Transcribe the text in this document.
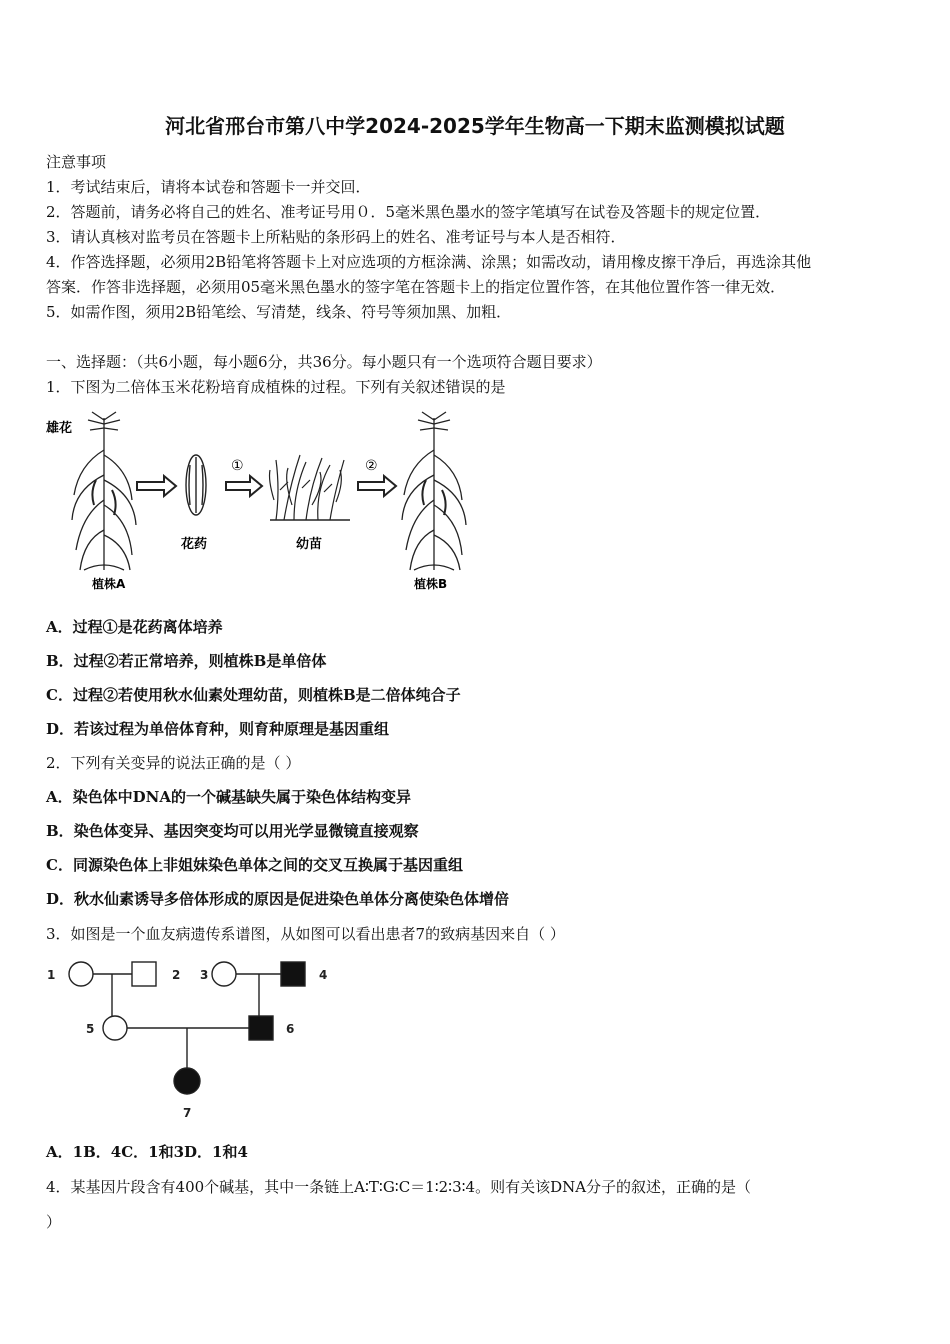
河北省邢台市第八中学2024-2025学年生物高一下期末监测模拟试题
注意事项
1．考试结束后，请将本试卷和答题卡一并交回．
2．答题前，请务必将自己的姓名、准考证号用０．5毫米黑色墨水的签字笔填写在试卷及答题卡的规定位置．
3．请认真核对监考员在答题卡上所粘贴的条形码上的姓名、准考证号与本人是否相符．
4．作答选择题，必须用2B铅笔将答题卡上对应选项的方框涂满、涂黑；如需改动，请用橡皮擦干净后，再选涂其他
答案．作答非选择题，必须用05毫米黑色墨水的签字笔在答题卡上的指定位置作答，在其他位置作答一律无效．
5．如需作图，须用2B铅笔绘、写清楚，线条、符号等须加黑、加粗．
一、选择题：（共6小题，每小题6分，共36分。每小题只有一个选项符合题目要求）
1．下图为二倍体玉米花粉培育成植株的过程。下列有关叙述错误的是
雄花
植株A
花药
①
幼苗
②
植株B
A．过程①是花药离体培养
B．过程②若正常培养，则植株B是单倍体
C．过程②若使用秋水仙素处理幼苗，则植株B是二倍体纯合子
D．若该过程为单倍体育种，则育种原理是基因重组
2．下列有关变异的说法正确的是（ ）
A．染色体中DNA的一个碱基缺失属于染色体结构变异
B．染色体变异、基因突变均可以用光学显微镜直接观察
C．同源染色体上非姐妹染色单体之间的交叉互换属于基因重组
D．秋水仙素诱导多倍体形成的原因是促进染色单体分离使染色体增倍
3．如图是一个血友病遗传系谱图，从如图可以看出患者7的致病基因来自（ ）
1	2 3	4
5	6
7
A．1B．4C．1和3D．1和4
4．某基因片段含有400个碱基，其中一条链上A∶T∶G∶C＝1∶2∶3∶4。则有关该DNA分子的叙述，正确的是（
）
